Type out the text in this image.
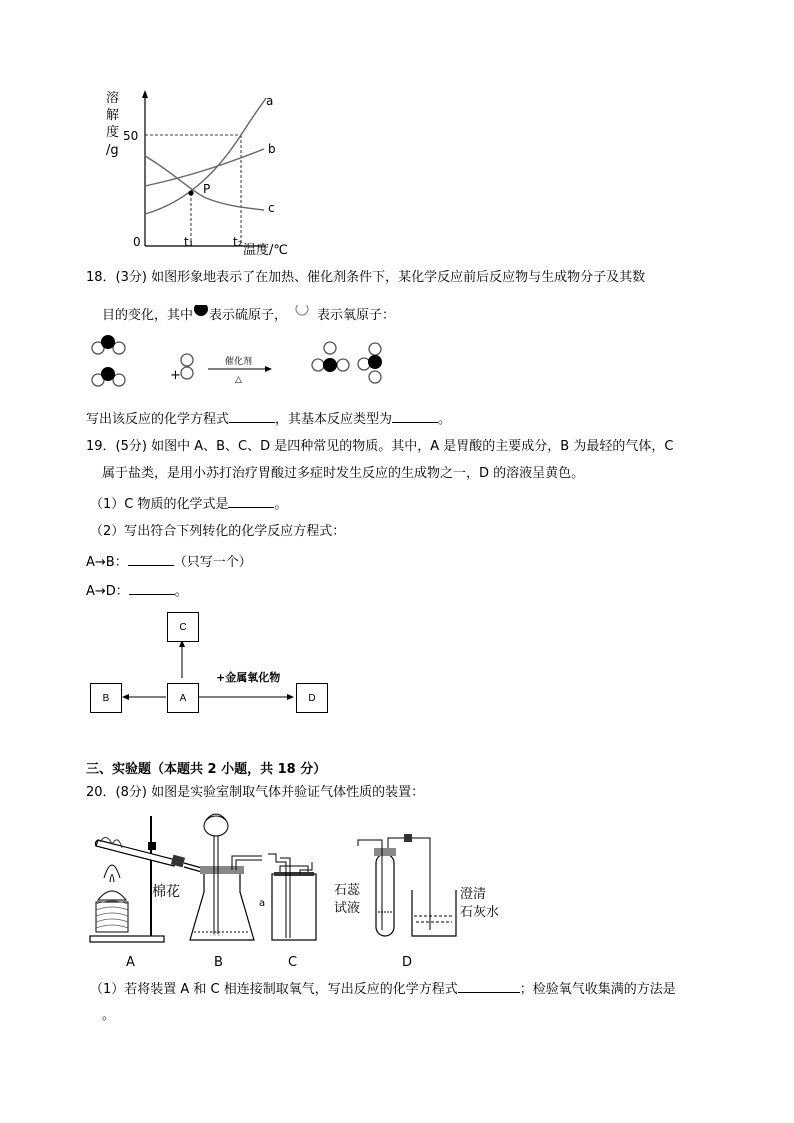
溶
解
度
/g
50
0	t₁	t₂
温度/℃
a
b
c
P
18．(3分) 如图形象地表示了在加热、催化剂条件下，某化学反应前后反应物与生成物分子及其数
目的变化，其中 表示硫原子， 表示氧原子：
+
催化剂
△
写出该反应的化学方程式	，其基本反应类型为	。
19．(5分) 如图中 A、B、C、D 是四种常见的物质。其中，A 是胃酸的主要成分，B 为最轻的气体，C
属于盐类，是用小苏打治疗胃酸过多症时发生反应的生成物之一，D 的溶液呈黄色。
（1）C 物质的化学式是	。
（2）写出符合下列转化的化学反应方程式：
A→B：	（只写一个）
A→D：	。
C
B	A	D
+金属氧化物
三、实验题（本题共 2 小题，共 18 分）
20．(8分) 如图是实验室制取气体并验证气体性质的装置：
棉花
∴∴∴
a
石蕊
试液
澄清
石灰水
A	B	C	D
（1）若将装置 A 和 C 相连接制取氧气，写出反应的化学方程式	；检验氧气收集满的方法是
。
